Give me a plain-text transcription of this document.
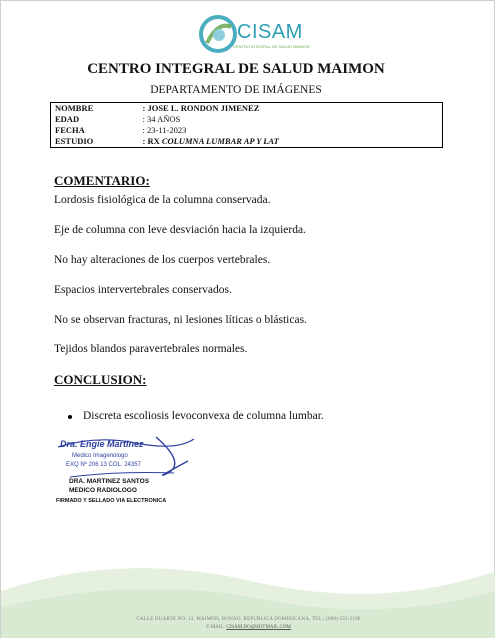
CISAM
CENTRO INTEGRAL DE SALUD MAIMON
CENTRO INTEGRAL DE SALUD MAIMON
DEPARTAMENTO DE IMÁGENES
NOMBRE	: JOSE L. RONDON JIMENEZ
EDAD	: 34 AÑOS
FECHA	: 23-11-2023
ESTUDIO	: RX COLUMNA LUMBAR AP Y LAT
COMENTARIO:
Lordosis fisiológica de la columna conservada.
Eje de columna con leve desviación hacia la izquierda.
No hay alteraciones de los cuerpos vertebrales.
Espacios intervertebrales conservados.
No se observan fracturas, ni lesiones líticas o blásticas.
Tejidos blandos paravertebrales normales.
CONCLUSION:
Discreta escoliosis levoconvexa de columna lumbar.
Dra. Engie Martinez
Medico Imagenologo
EXQ Nº 206 13 COL. 24357
DRA. MARTINEZ SANTOS
MEDICO RADIOLOGO
FIRMADO Y SELLADO VIA ELECTRONICA
CALLE DUARTE NO. 13, MAIMÓN, BONAO, REPUBLICA DOMINICANA, TEL.: (809)-551-2196
E-MAIL: CISAM.DO@HOTMAIL.COM
